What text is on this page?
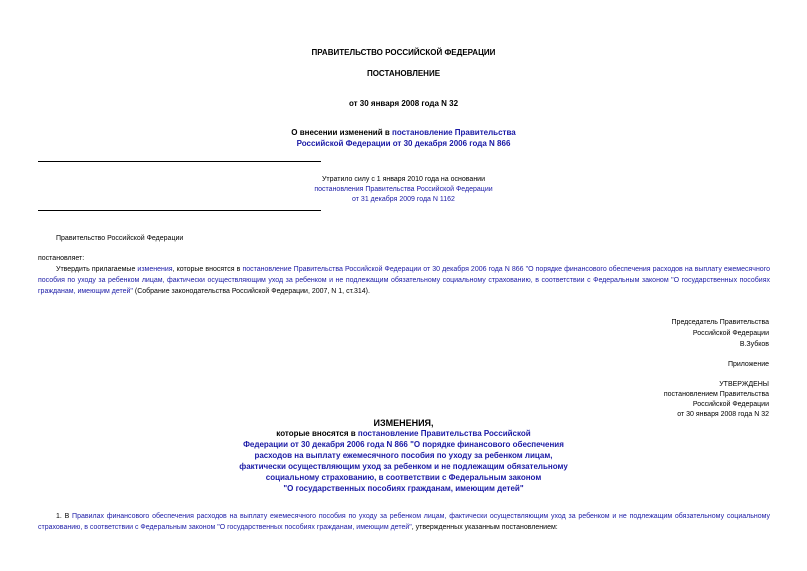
ПРАВИТЕЛЬСТВО РОССИЙСКОЙ ФЕДЕРАЦИИ
ПОСТАНОВЛЕНИЕ
от 30 января 2008 года N 32
О внесении изменений в постановление Правительства
Российской Федерации от 30 декабря 2006 года N 866
Утратило силу с 1 января 2010 года на основании
постановления Правительства Российской Федерации
от 31 декабря 2009 года N 1162
Правительство Российской Федерации
постановляет:
Утвердить прилагаемые изменения, которые вносятся в постановление Правительства Российской Федерации от 30 декабря 2006 года N 866 "О порядке финансового обеспечения расходов на выплату ежемесячного пособия по уходу за ребенком лицам, фактически осуществляющим уход за ребенком и не подлежащим обязательному социальному страхованию, в соответствии с Федеральным законом "О государственных пособиях гражданам, имеющим детей" (Собрание законодательства Российской Федерации, 2007, N 1, ст.314).
Председатель Правительства
Российской Федерации
В.Зубков
Приложение
УТВЕРЖДЕНЫ
постановлением Правительства
Российской Федерации
от 30 января 2008 года N 32
ИЗМЕНЕНИЯ,
которые вносятся в постановление Правительства Российской
Федерации от 30 декабря 2006 года N 866 "О порядке финансового обеспечения
расходов на выплату ежемесячного пособия по уходу за ребенком лицам,
фактически осуществляющим уход за ребенком и не подлежащим обязательному
социальному страхованию, в соответствии с Федеральным законом
"О государственных пособиях гражданам, имеющим детей"
1. В Правилах финансового обеспечения расходов на выплату ежемесячного пособия по уходу за ребенком лицам, фактически осуществляющим уход за ребенком и не подлежащим обязательному социальному страхованию, в соответствии с Федеральным законом "О государственных пособиях гражданам, имеющим детей", утвержденных указанным постановлением:
